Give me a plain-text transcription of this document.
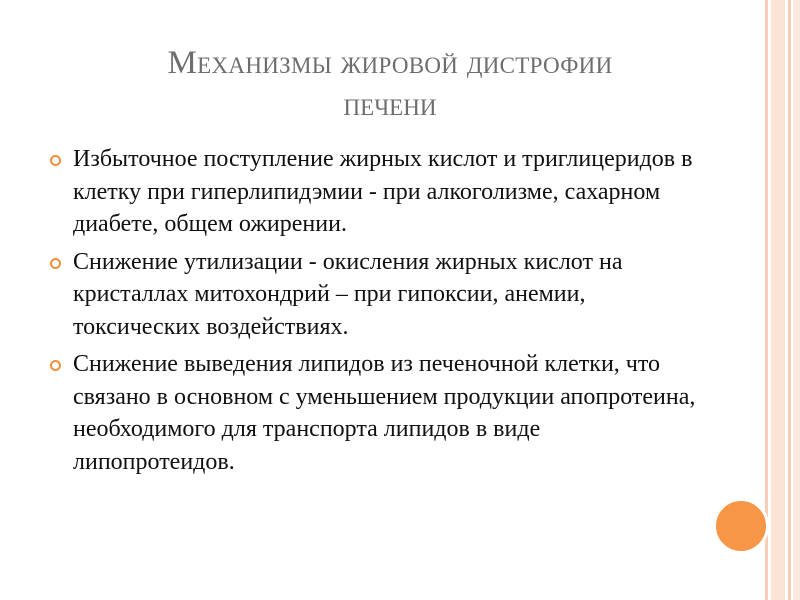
Механизмы жировой дистрофии
печени
Избыточное поступление жирных кислот и триглицеридов в клетку при гиперлипидэмии - при алкоголизме, сахарном диабете, общем ожирении.
Снижение утилизации - окисления жирных кислот на кристаллах митохондрий – при гипоксии, анемии, токсических воздействиях.
Снижение выведения липидов из печеночной клетки, что связано в основном с уменьшением продукции апопротеина, необходимого для транспорта липидов в виде липопротеидов.
